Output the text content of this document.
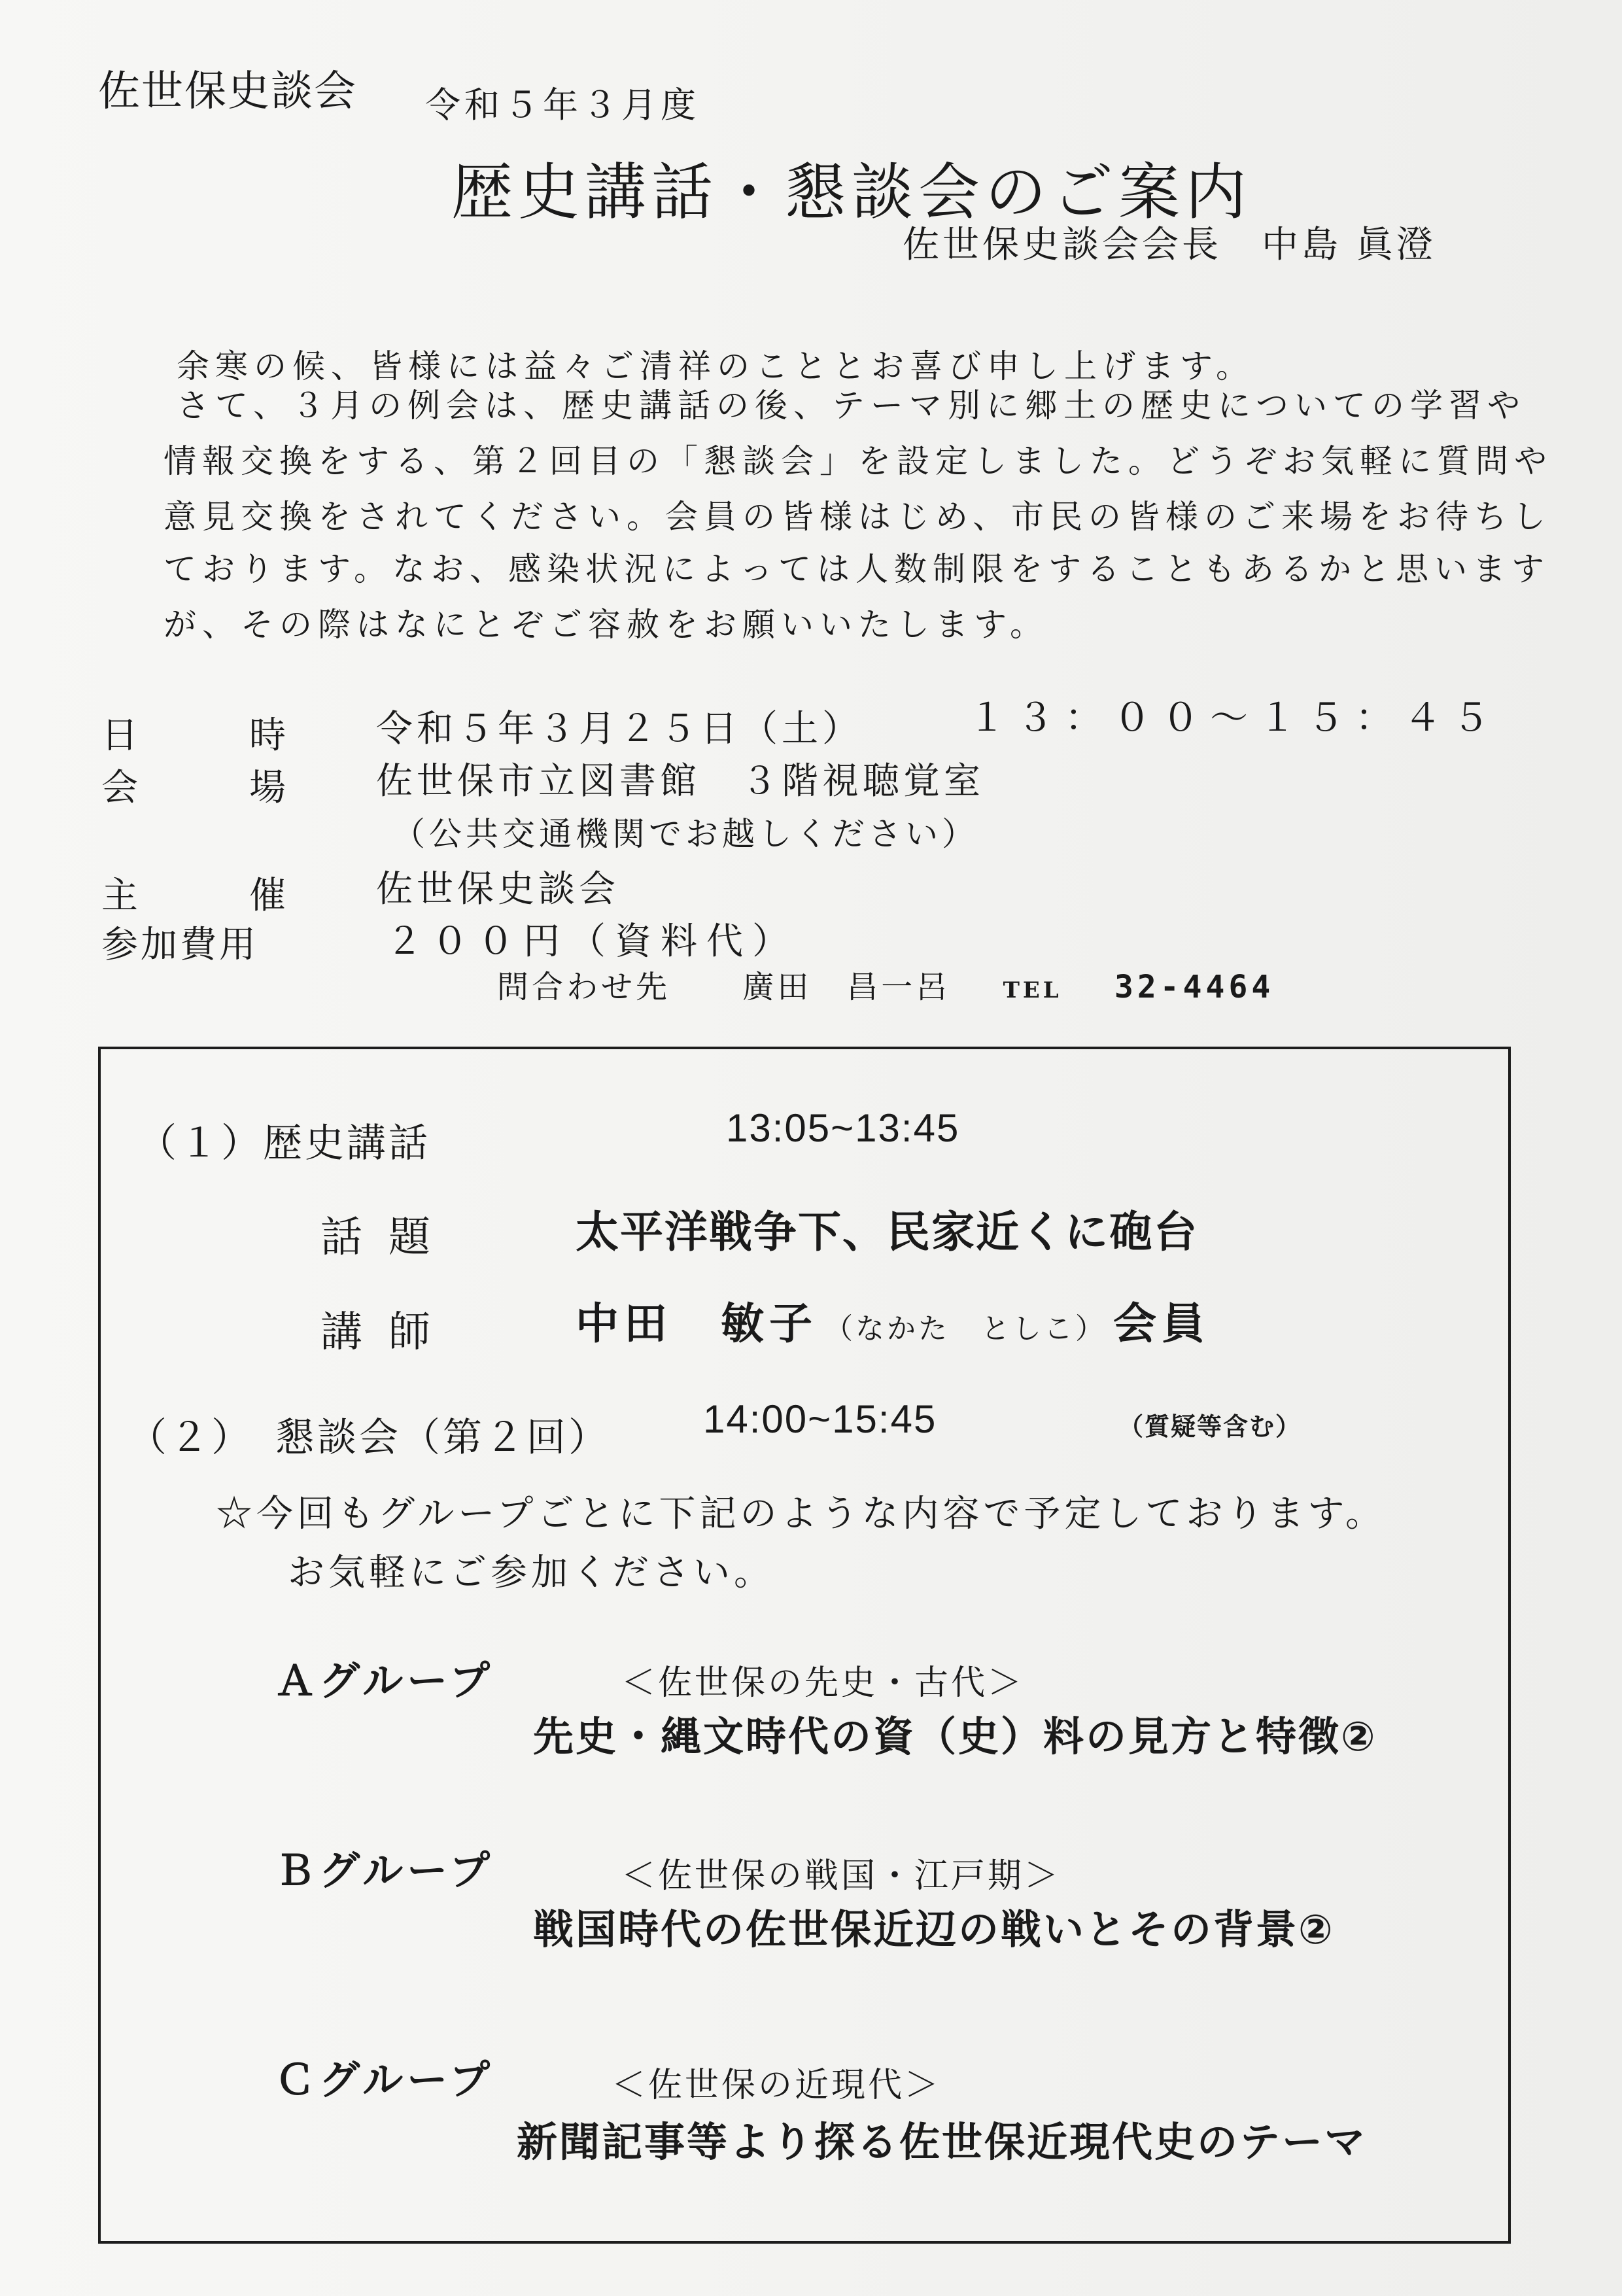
佐世保史談会 令和５年３月度
歴史講話・懇談会のご案内
佐世保史談会会長　中島 眞澄
余寒の候、皆様には益々ご清祥のこととお喜び申し上げます。
さて、３月の例会は、歴史講話の後、テーマ別に郷土の歴史についての学習や
情報交換をする、第２回目の「懇談会」を設定しました。どうぞお気軽に質問や
意見交換をされてください。会員の皆様はじめ、市民の皆様のご来場をお待ちし
ております。なお、感染状況によっては人数制限をすることもあるかと思います
が、その際はなにとぞご容赦をお願いいたします。
日	時 令和５年３月２５日（土）	１３：００～１５：４５
会	場 佐世保市立図書館　３階視聴覚室
（公共交通機関でお越しください）
主	催 佐世保史談会
参加費用	２００円（資料代）
問合わせ先 廣田　昌一呂 TEL 32-4464
（１）歴史講話	13:05~13:45
話題	太平洋戦争下、民家近くに砲台
講師	中田　敏子 （なかた　としこ） 会員
（２）　懇談会（第２回） 14:00~15:45	（質疑等含む）
☆今回もグループごとに下記のような内容で予定しております。
お気軽にご参加ください。
Ａグループ	＜佐世保の先史・古代＞
先史・縄文時代の資（史）料の見方と特徴②
Ｂグループ	＜佐世保の戦国・江戸期＞
戦国時代の佐世保近辺の戦いとその背景②
Ｃグループ	＜佐世保の近現代＞
新聞記事等より探る佐世保近現代史のテーマ
